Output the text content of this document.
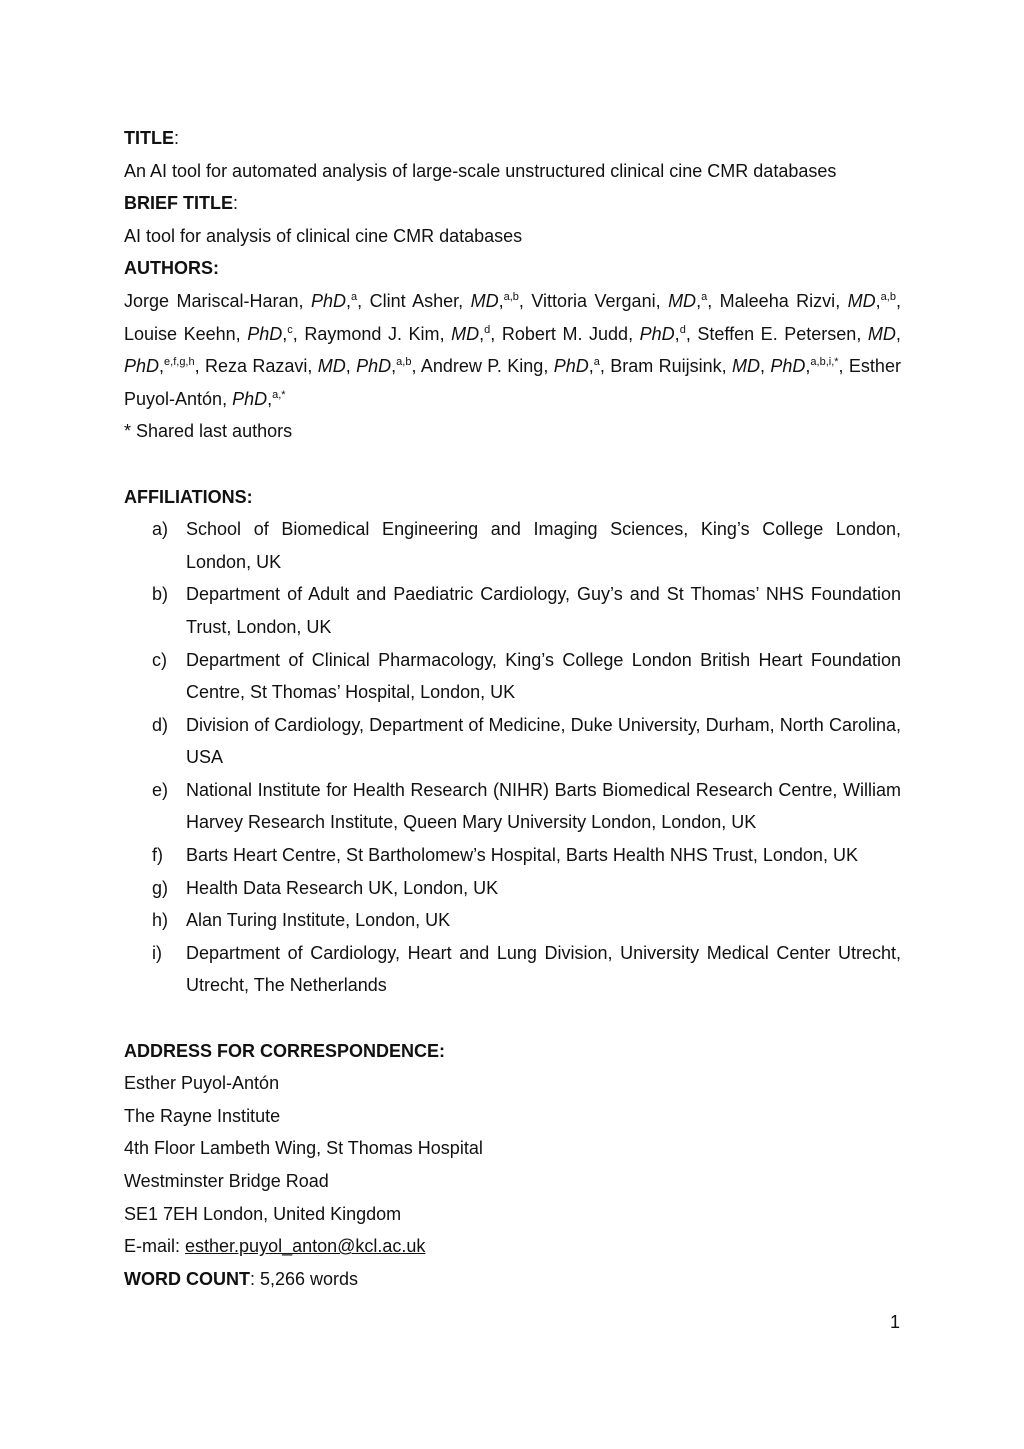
TITLE:
An AI tool for automated analysis of large-scale unstructured clinical cine CMR databases
BRIEF TITLE:
AI tool for analysis of clinical cine CMR databases
AUTHORS:
Jorge Mariscal-Haran, PhD,$^a$, Clint Asher, MD,$^{a,b}$, Vittoria Vergani, MD,$^a$, Maleeha Rizvi, MD,$^{a,b}$, Louise Keehn, PhD,$^c$, Raymond J. Kim, MD,$^d$, Robert M. Judd, PhD,$^d$, Steffen E. Petersen, MD, PhD,$^{e,f,g,h}$, Reza Razavi, MD, PhD,$^{a,b}$, Andrew P. King, PhD,$^a$, Bram Ruijsink, MD, PhD,$^{a,b,i,*}$, Esther Puyol-Antón, PhD,$^{a,*}$
* Shared last authors
AFFILIATIONS:
a) School of Biomedical Engineering and Imaging Sciences, King’s College London, London, UK
b) Department of Adult and Paediatric Cardiology, Guy’s and St Thomas’ NHS Foundation Trust, London, UK
c) Department of Clinical Pharmacology, King’s College London British Heart Foundation Centre, St Thomas’ Hospital, London, UK
d) Division of Cardiology, Department of Medicine, Duke University, Durham, North Carolina, USA
e) National Institute for Health Research (NIHR) Barts Biomedical Research Centre, William Harvey Research Institute, Queen Mary University London, London, UK
f) Barts Heart Centre, St Bartholomew’s Hospital, Barts Health NHS Trust, London, UK
g) Health Data Research UK, London, UK
h) Alan Turing Institute, London, UK
i) Department of Cardiology, Heart and Lung Division, University Medical Center Utrecht, Utrecht, The Netherlands
ADDRESS FOR CORRESPONDENCE:
Esther Puyol-Antón
The Rayne Institute
4th Floor Lambeth Wing, St Thomas Hospital
Westminster Bridge Road
SE1 7EH London, United Kingdom
E-mail: esther.puyol_anton@kcl.ac.uk
WORD COUNT: 5,266 words
1
